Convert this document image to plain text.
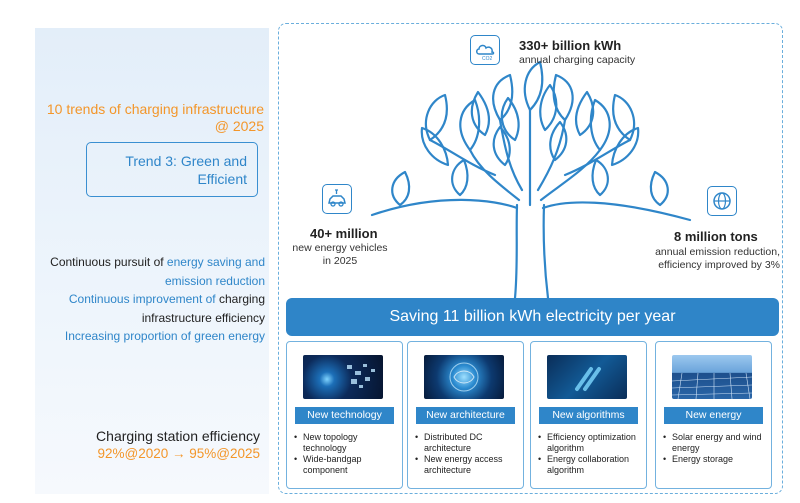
10 trends of charging infrastructure @ 2025
Trend 3: Green and Efficient
Continuous pursuit of energy saving and emission reduction
Continuous improvement of charging infrastructure efficiency
Increasing proportion of green energy
Charging station efficiency
92%@2020 → 95%@2025
CO2
330+ billion kWh
annual charging capacity
40+ million
new energy vehicles
in 2025
8 million tons
annual emission reduction,
efficiency improved by 3%
Saving 11 billion kWh electricity per year
New technology
• New topology technology
• Wide-bandgap component
New architecture
• Distributed DC architecture
• New energy access architecture
New algorithms
• Efficiency optimization algorithm
• Energy collaboration algorithm
New energy
• Solar energy and wind energy
• Energy storage
